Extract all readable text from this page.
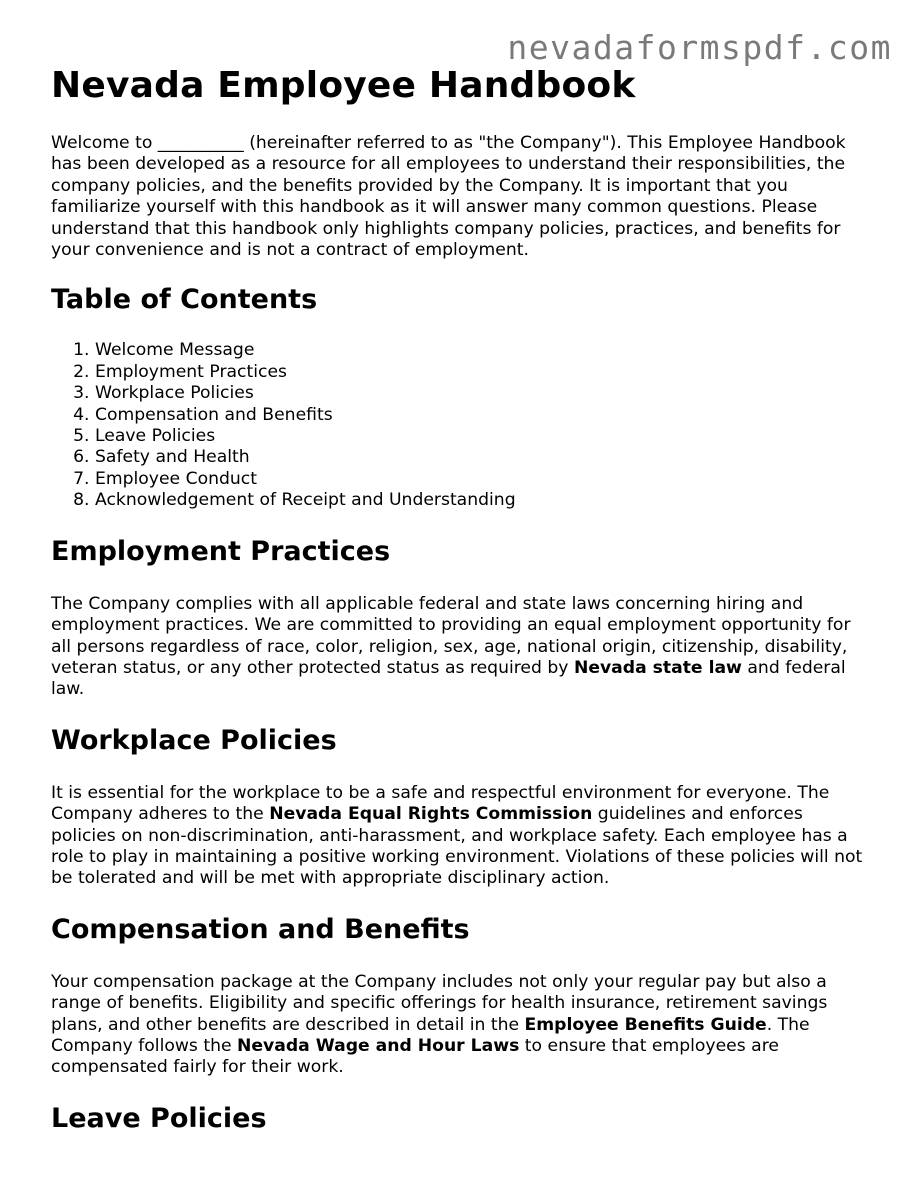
nevadaformspdf.com
Nevada Employee Handbook

Welcome to __________ (hereinafter referred to as "the Company"). This Employee Handbook has been developed as a resource for all employees to understand their responsibilities, the company policies, and the benefits provided by the Company. It is important that you familiarize yourself with this handbook as it will answer many common questions. Please understand that this handbook only highlights company policies, practices, and benefits for your convenience and is not a contract of employment.

Table of Contents
1. Welcome Message
2. Employment Practices
3. Workplace Policies
4. Compensation and Benefits
5. Leave Policies
6. Safety and Health
7. Employee Conduct
8. Acknowledgement of Receipt and Understanding
Employment Practices

The Company complies with all applicable federal and state laws concerning hiring and employment practices. We are committed to providing an equal employment opportunity for all persons regardless of race, color, religion, sex, age, national origin, citizenship, disability, veteran status, or any other protected status as required by Nevada state law and federal law.

Workplace Policies

It is essential for the workplace to be a safe and respectful environment for everyone. The Company adheres to the Nevada Equal Rights Commission guidelines and enforces policies on non-discrimination, anti-harassment, and workplace safety. Each employee has a role to play in maintaining a positive working environment. Violations of these policies will not be tolerated and will be met with appropriate disciplinary action.

Compensation and Benefits

Your compensation package at the Company includes not only your regular pay but also a range of benefits. Eligibility and specific offerings for health insurance, retirement savings plans, and other benefits are described in detail in the Employee Benefits Guide. The Company follows the Nevada Wage and Hour Laws to ensure that employees are compensated fairly for their work.

Leave Policies
